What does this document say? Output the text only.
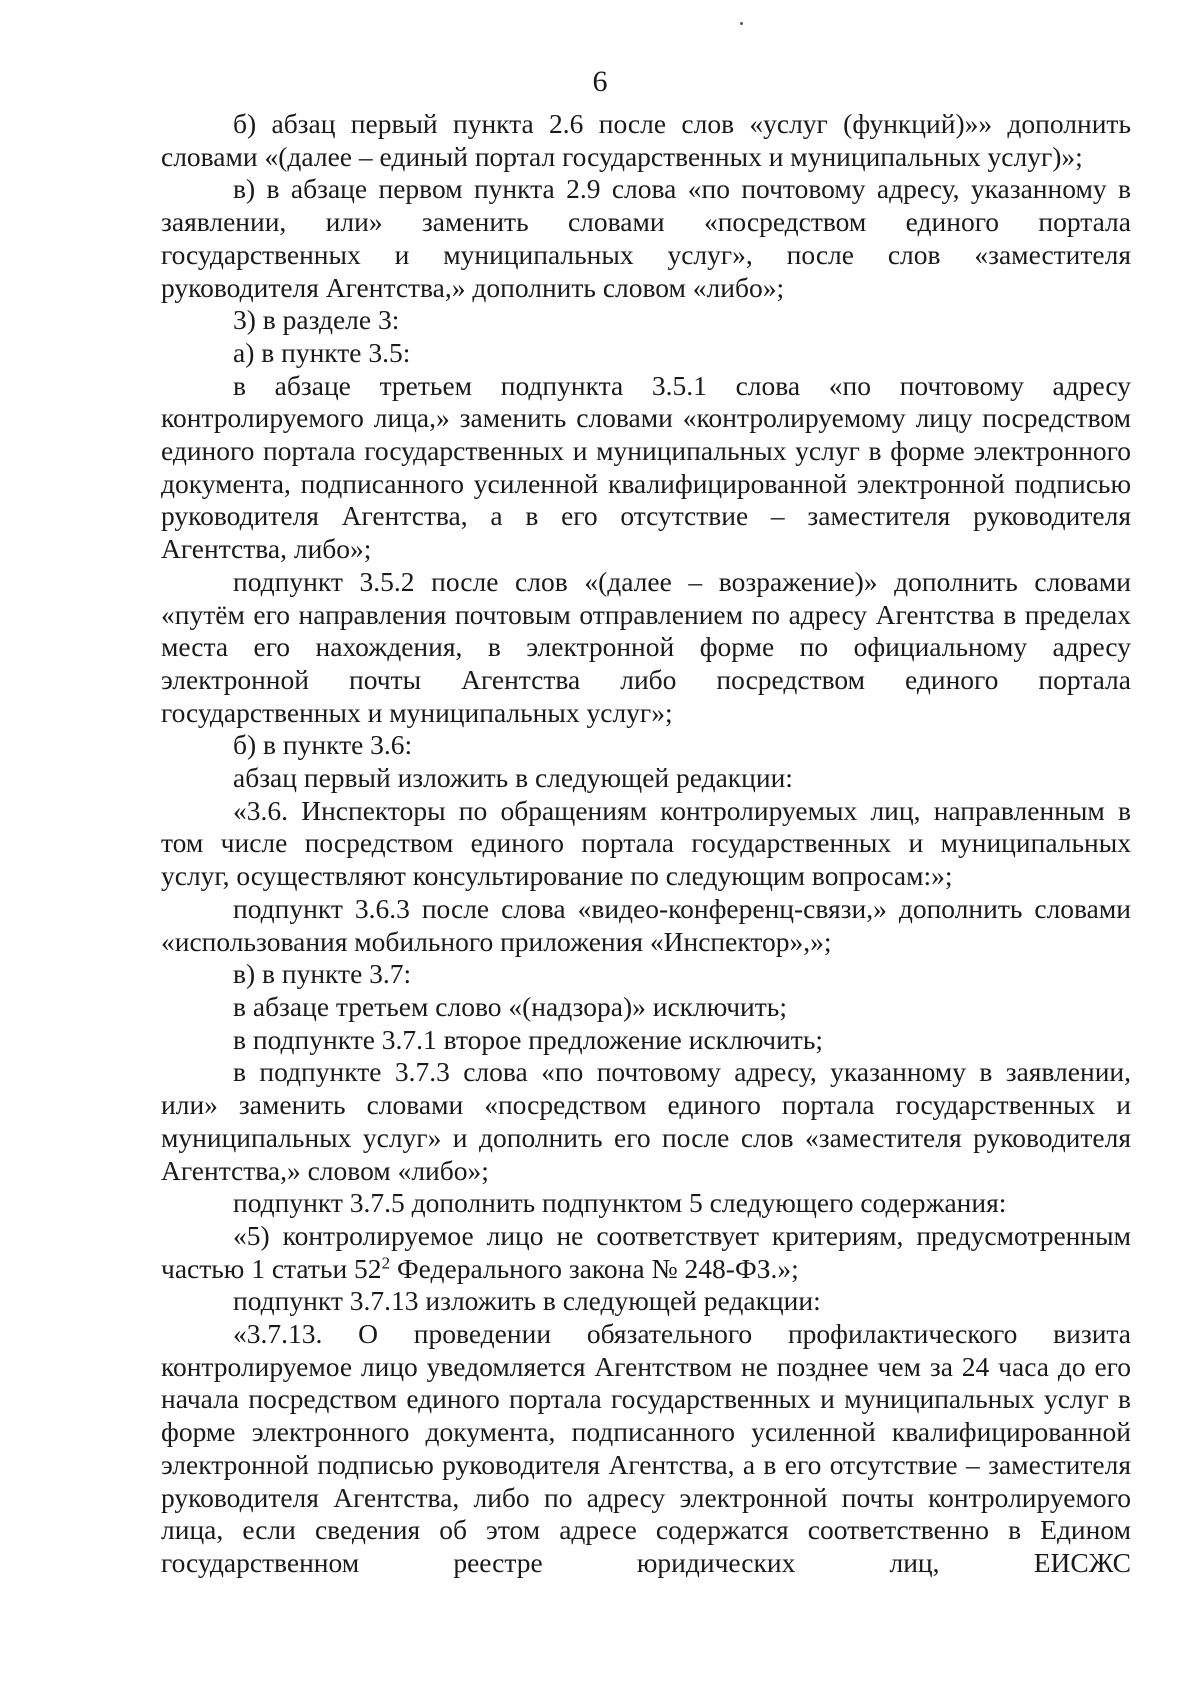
6

б) абзац первый пункта 2.6 после слов «услуг (функций)»» дополнить словами «(далее – единый портал государственных и муниципальных услуг)»;

в) в абзаце первом пункта 2.9 слова «по почтовому адресу, указанному в заявлении, или» заменить словами «посредством единого портала государственных и муниципальных услуг», после слов «заместителя руководителя Агентства,» дополнить словом «либо»;

3) в разделе 3:

а) в пункте 3.5:

в абзаце третьем подпункта 3.5.1 слова «по почтовому адресу контролируемого лица,» заменить словами «контролируемому лицу посредством единого портала государственных и муниципальных услуг в форме электронного документа, подписанного усиленной квалифицированной электронной подписью руководителя Агентства, а в его отсутствие – заместителя руководителя Агентства, либо»;

подпункт 3.5.2 после слов «(далее – возражение)» дополнить словами «путём его направления почтовым отправлением по адресу Агентства в пределах места его нахождения, в электронной форме по официальному адресу электронной почты Агентства либо посредством единого портала государственных и муниципальных услуг»;

б) в пункте 3.6:

абзац первый изложить в следующей редакции:

«3.6. Инспекторы по обращениям контролируемых лиц, направленным в том числе посредством единого портала государственных и муниципальных услуг, осуществляют консультирование по следующим вопросам:»;

подпункт 3.6.3 после слова «видео-конференц-связи,» дополнить словами «использования мобильного приложения «Инспектор»,»;

в) в пункте 3.7:

в абзаце третьем слово «(надзора)» исключить;

в подпункте 3.7.1 второе предложение исключить;

в подпункте 3.7.3 слова «по почтовому адресу, указанному в заявлении, или» заменить словами «посредством единого портала государственных и муниципальных услуг» и дополнить его после слов «заместителя руководителя Агентства,» словом «либо»;

подпункт 3.7.5 дополнить подпунктом 5 следующего содержания:

«5) контролируемое лицо не соответствует критериям, предусмотренным частью 1 статьи $52^2$ Федерального закона № 248-ФЗ.»;

подпункт 3.7.13 изложить в следующей редакции:

«3.7.13. О проведении обязательного профилактического визита контролируемое лицо уведомляется Агентством не позднее чем за 24 часа до его начала посредством единого портала государственных и муниципальных услуг в форме электронного документа, подписанного усиленной квалифицированной электронной подписью руководителя Агентства, а в его отсутствие – заместителя руководителя Агентства, либо по адресу электронной почты контролируемого лица, если сведения об этом адресе содержатся соответственно в Едином государственном реестре юридических лиц, ЕИСЖС
